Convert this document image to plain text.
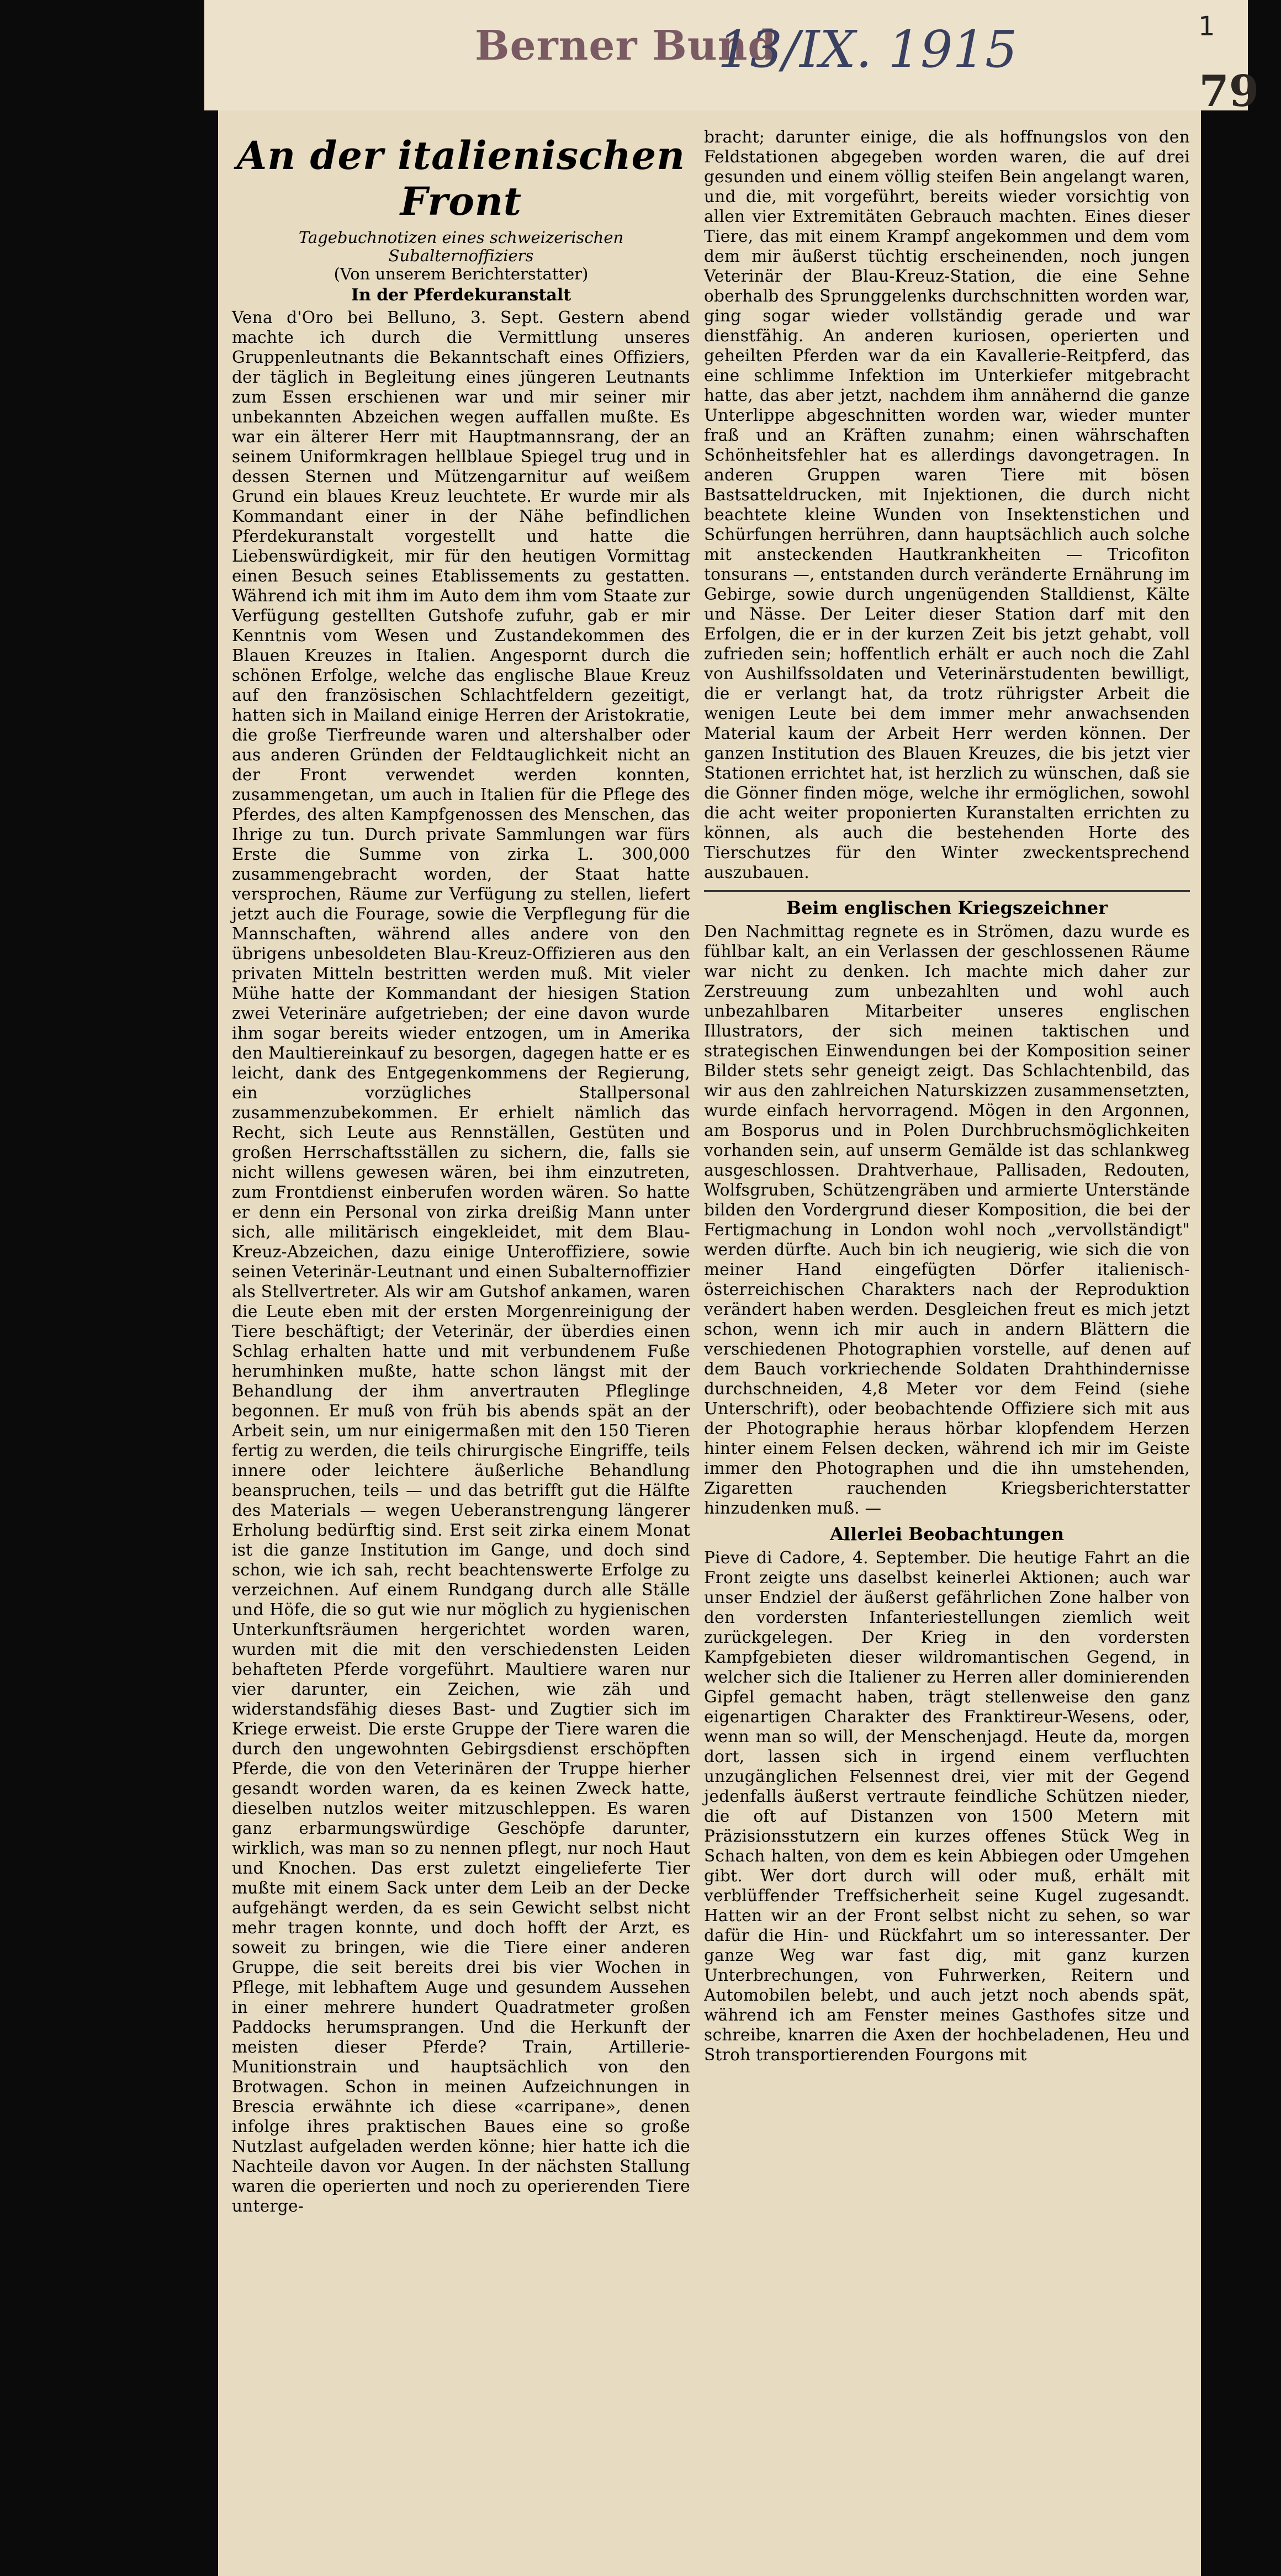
Berner Bund
13/IX. 1915	1
79
An der italienischen Front
Tagebuchnotizen eines schweizerischen Subalternoffiziers
(Von unserem Berichterstatter)
In der Pferdekuranstalt

Vena d'Oro bei Belluno, 3. Sept. Gestern abend machte ich durch die Vermittlung unseres Gruppenleutnants die Bekanntschaft eines Offiziers, der täglich in Begleitung eines jüngeren Leutnants zum Essen erschienen war und mir seiner mir unbekannten Abzeichen wegen auffallen mußte. Es war ein älterer Herr mit Hauptmannsrang, der an seinem Uniformkragen hellblaue Spiegel trug und in dessen Sternen und Mützengarnitur auf weißem Grund ein blaues Kreuz leuchtete. Er wurde mir als Kommandant einer in der Nähe befindlichen Pferdekuranstalt vorgestellt und hatte die Liebenswürdigkeit, mir für den heutigen Vormittag einen Besuch seines Etablissements zu gestatten. Während ich mit ihm im Auto dem ihm vom Staate zur Verfügung gestellten Gutshofe zufuhr, gab er mir Kenntnis vom Wesen und Zustandekommen des Blauen Kreuzes in Italien. Angespornt durch die schönen Erfolge, welche das englische Blaue Kreuz auf den französischen Schlachtfeldern gezeitigt, hatten sich in Mailand einige Herren der Aristokratie, die große Tierfreunde waren und altershalber oder aus anderen Gründen der Feldtauglichkeit nicht an der Front verwendet werden konnten, zusammengetan, um auch in Italien für die Pflege des Pferdes, des alten Kampfgenossen des Menschen, das Ihrige zu tun. Durch private Sammlungen war fürs Erste die Summe von zirka L. 300,000 zusammengebracht worden, der Staat hatte versprochen, Räume zur Verfügung zu stellen, liefert jetzt auch die Fourage, sowie die Verpflegung für die Mannschaften, während alles andere von den übrigens unbesoldeten Blau-Kreuz-Offizieren aus den privaten Mitteln bestritten werden muß. Mit vieler Mühe hatte der Kommandant der hiesigen Station zwei Veterinäre aufgetrieben; der eine davon wurde ihm sogar bereits wieder entzogen, um in Amerika den Maultiereinkauf zu besorgen, dagegen hatte er es leicht, dank des Entgegenkommens der Regierung, ein vorzügliches Stallpersonal zusammenzubekommen. Er erhielt nämlich das Recht, sich Leute aus Rennställen, Gestüten und großen Herrschaftsställen zu sichern, die, falls sie nicht willens gewesen wären, bei ihm einzutreten, zum Frontdienst einberufen worden wären. So hatte er denn ein Personal von zirka dreißig Mann unter sich, alle militärisch eingekleidet, mit dem Blau-Kreuz-Abzeichen, dazu einige Unteroffiziere, sowie seinen Veterinär-Leutnant und einen Subalternoffizier als Stellvertreter. Als wir am Gutshof ankamen, waren die Leute eben mit der ersten Morgenreinigung der Tiere beschäftigt; der Veterinär, der überdies einen Schlag erhalten hatte und mit verbundenem Fuße herumhinken mußte, hatte schon längst mit der Behandlung der ihm anvertrauten Pfleglinge begonnen. Er muß von früh bis abends spät an der Arbeit sein, um nur einigermaßen mit den 150 Tieren fertig zu werden, die teils chirurgische Eingriffe, teils innere oder leichtere äußerliche Behandlung beanspruchen, teils — und das betrifft gut die Hälfte des Materials — wegen Ueberanstrengung längerer Erholung bedürftig sind. Erst seit zirka einem Monat ist die ganze Institution im Gange, und doch sind schon, wie ich sah, recht beachtenswerte Erfolge zu verzeichnen. Auf einem Rundgang durch alle Ställe und Höfe, die so gut wie nur möglich zu hygienischen Unterkunftsräumen hergerichtet worden waren, wurden mit die mit den verschiedensten Leiden behafteten Pferde vorgeführt. Maultiere waren nur vier darunter, ein Zeichen, wie zäh und widerstandsfähig dieses Bast- und Zugtier sich im Kriege erweist. Die erste Gruppe der Tiere waren die durch den ungewohnten Gebirgsdienst erschöpften Pferde, die von den Veterinären der Truppe hierher gesandt worden waren, da es keinen Zweck hatte, dieselben nutzlos weiter mitzuschleppen. Es waren ganz erbarmungswürdige Geschöpfe darunter, wirklich, was man so zu nennen pflegt, nur noch Haut und Knochen. Das erst zuletzt eingelieferte Tier mußte mit einem Sack unter dem Leib an der Decke aufgehängt werden, da es sein Gewicht selbst nicht mehr tragen konnte, und doch hofft der Arzt, es soweit zu bringen, wie die Tiere einer anderen Gruppe, die seit bereits drei bis vier Wochen in Pflege, mit lebhaftem Auge und gesundem Aussehen in einer mehrere hundert Quadratmeter großen Paddocks herumsprangen. Und die Herkunft der meisten dieser Pferde? Train, Artillerie-Munitionstrain und hauptsächlich von den Brotwagen. Schon in meinen Aufzeichnungen in Brescia erwähnte ich diese «carripane», denen infolge ihres praktischen Baues eine so große Nutzlast aufgeladen werden könne; hier hatte ich die Nachteile davon vor Augen. In der nächsten Stallung waren die operierten und noch zu operierenden Tiere unterge-

bracht; darunter einige, die als hoffnungslos von den Feldstationen abgegeben worden waren, die auf drei gesunden und einem völlig steifen Bein angelangt waren, und die, mit vorgeführt, bereits wieder vorsichtig von allen vier Extremitäten Gebrauch machten. Eines dieser Tiere, das mit einem Krampf angekommen und dem vom dem mir äußerst tüchtig erscheinenden, noch jungen Veterinär der Blau-Kreuz-Station, die eine Sehne oberhalb des Sprunggelenks durchschnitten worden war, ging sogar wieder vollständig gerade und war dienstfähig. An anderen kuriosen, operierten und geheilten Pferden war da ein Kavallerie-Reitpferd, das eine schlimme Infektion im Unterkiefer mitgebracht hatte, das aber jetzt, nachdem ihm annähernd die ganze Unterlippe abgeschnitten worden war, wieder munter fraß und an Kräften zunahm; einen währschaften Schönheitsfehler hat es allerdings davongetragen. In anderen Gruppen waren Tiere mit bösen Bastsatteldrucken, mit Injektionen, die durch nicht beachtete kleine Wunden von Insektenstichen und Schürfungen herrühren, dann hauptsächlich auch solche mit ansteckenden Hautkrankheiten — Tricofiton tonsurans —, entstanden durch veränderte Ernährung im Gebirge, sowie durch ungenügenden Stalldienst, Kälte und Nässe. Der Leiter dieser Station darf mit den Erfolgen, die er in der kurzen Zeit bis jetzt gehabt, voll zufrieden sein; hoffentlich erhält er auch noch die Zahl von Aushilfssoldaten und Veterinärstudenten bewilligt, die er verlangt hat, da trotz rührigster Arbeit die wenigen Leute bei dem immer mehr anwachsenden Material kaum der Arbeit Herr werden können. Der ganzen Institution des Blauen Kreuzes, die bis jetzt vier Stationen errichtet hat, ist herzlich zu wünschen, daß sie die Gönner finden möge, welche ihr ermöglichen, sowohl die acht weiter proponierten Kuranstalten errichten zu können, als auch die bestehenden Horte des Tierschutzes für den Winter zweckentsprechend auszubauen.

Beim englischen Kriegszeichner

Den Nachmittag regnete es in Strömen, dazu wurde es fühlbar kalt, an ein Verlassen der geschlossenen Räume war nicht zu denken. Ich machte mich daher zur Zerstreuung zum unbezahlten und wohl auch unbezahlbaren Mitarbeiter unseres englischen Illustrators, der sich meinen taktischen und strategischen Einwendungen bei der Komposition seiner Bilder stets sehr geneigt zeigt. Das Schlachtenbild, das wir aus den zahlreichen Naturskizzen zusammensetzten, wurde einfach hervorragend. Mögen in den Argonnen, am Bosporus und in Polen Durchbruchsmöglichkeiten vorhanden sein, auf unserm Gemälde ist das schlankweg ausgeschlossen. Drahtverhaue, Pallisaden, Redouten, Wolfsgruben, Schützengräben und armierte Unterstände bilden den Vordergrund dieser Komposition, die bei der Fertigmachung in London wohl noch „vervollständigt" werden dürfte. Auch bin ich neugierig, wie sich die von meiner Hand eingefügten Dörfer italienisch-österreichischen Charakters nach der Reproduktion verändert haben werden. Desgleichen freut es mich jetzt schon, wenn ich mir auch in andern Blättern die verschiedenen Photographien vorstelle, auf denen auf dem Bauch vorkriechende Soldaten Drahthindernisse durchschneiden, 4,8 Meter vor dem Feind (siehe Unterschrift), oder beobachtende Offiziere sich mit aus der Photographie heraus hörbar klopfendem Herzen hinter einem Felsen decken, während ich mir im Geiste immer den Photographen und die ihn umstehenden, Zigaretten rauchenden Kriegsberichterstatter hinzudenken muß. —

Allerlei Beobachtungen

Pieve di Cadore, 4. September. Die heutige Fahrt an die Front zeigte uns daselbst keinerlei Aktionen; auch war unser Endziel der äußerst gefährlichen Zone halber von den vordersten Infanteriestellungen ziemlich weit zurückgelegen. Der Krieg in den vordersten Kampfgebieten dieser wildromantischen Gegend, in welcher sich die Italiener zu Herren aller dominierenden Gipfel gemacht haben, trägt stellenweise den ganz eigenartigen Charakter des Franktireur-Wesens, oder, wenn man so will, der Menschenjagd. Heute da, morgen dort, lassen sich in irgend einem verfluchten unzugänglichen Felsennest drei, vier mit der Gegend jedenfalls äußerst vertraute feindliche Schützen nieder, die oft auf Distanzen von 1500 Metern mit Präzisionsstutzern ein kurzes offenes Stück Weg in Schach halten, von dem es kein Abbiegen oder Umgehen gibt. Wer dort durch will oder muß, erhält mit verblüffender Treffsicherheit seine Kugel zugesandt. Hatten wir an der Front selbst nicht zu sehen, so war dafür die Hin- und Rückfahrt um so interessanter. Der ganze Weg war fast dig, mit ganz kurzen Unterbrechungen, von Fuhrwerken, Reitern und Automobilen belebt, und auch jetzt noch abends spät, während ich am Fenster meines Gasthofes sitze und schreibe, knarren die Axen der hochbeladenen, Heu und Stroh transportierenden Fourgons mit
